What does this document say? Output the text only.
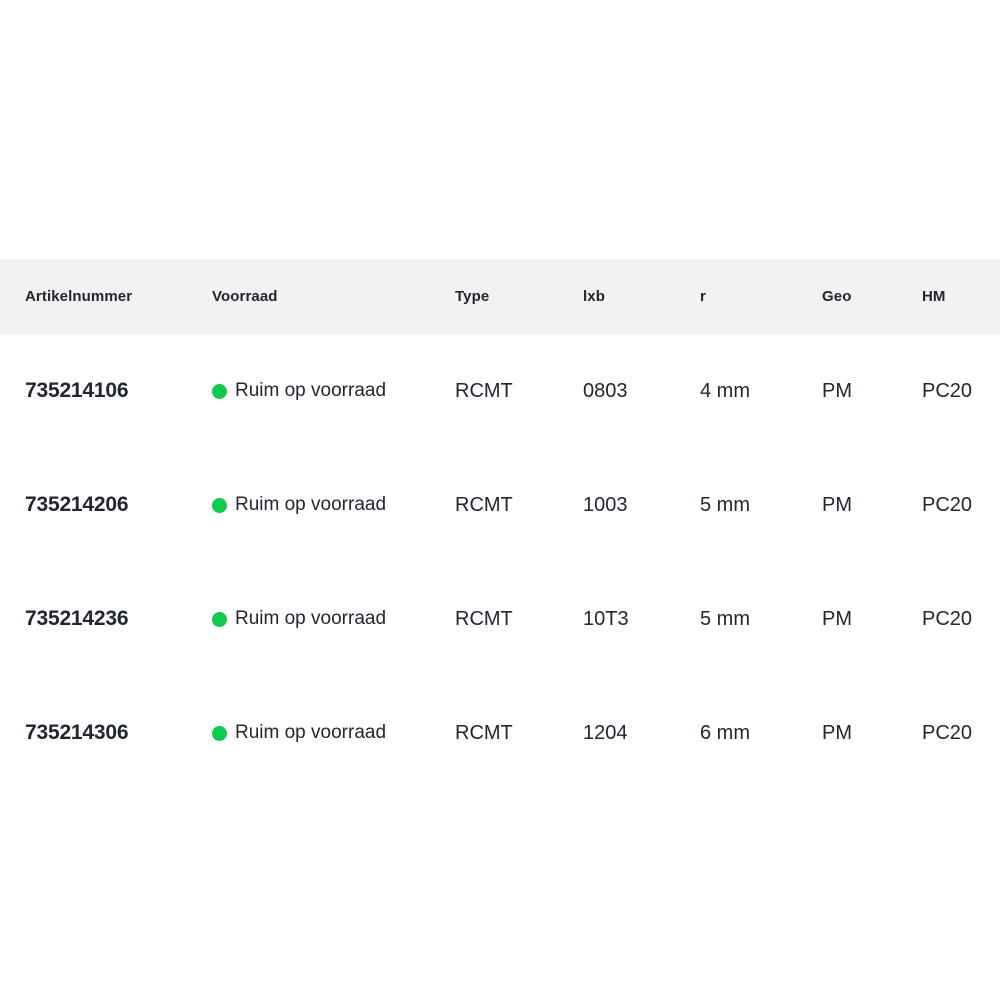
Artikelnummer	Voorraad	Type	lxb	r	Geo	HM
735214106	Ruim op voorraad	RCMT	0803	4 mm	PM	PC20
735214206	Ruim op voorraad	RCMT	1003	5 mm	PM	PC20
735214236	Ruim op voorraad	RCMT	10T3	5 mm	PM	PC20
735214306	Ruim op voorraad	RCMT	1204	6 mm	PM	PC20
